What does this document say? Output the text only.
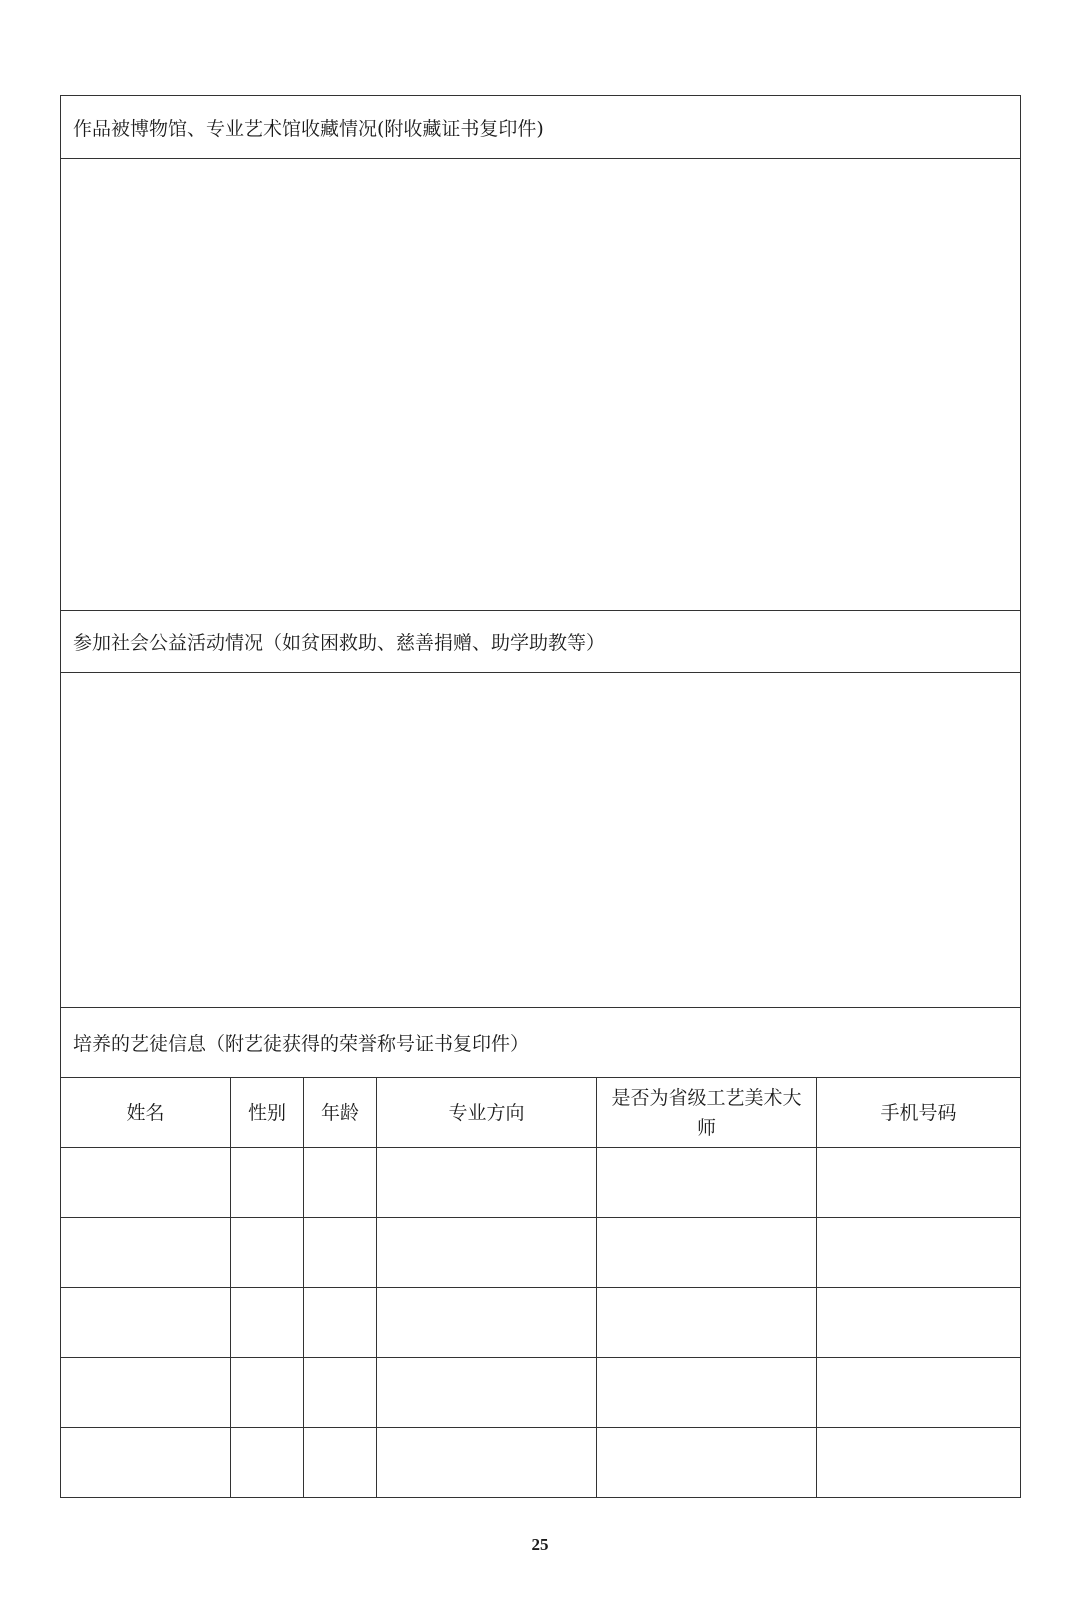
作品被博物馆、专业艺术馆收藏情况(附收藏证书复印件)					

参加社会公益活动情况（如贫困救助、慈善捐赠、助学助教等）					

培养的艺徒信息（附艺徒获得的荣誉称号证书复印件）					
姓名	性别	年龄	专业方向	是否为省级工艺美术大师	手机号码

25
